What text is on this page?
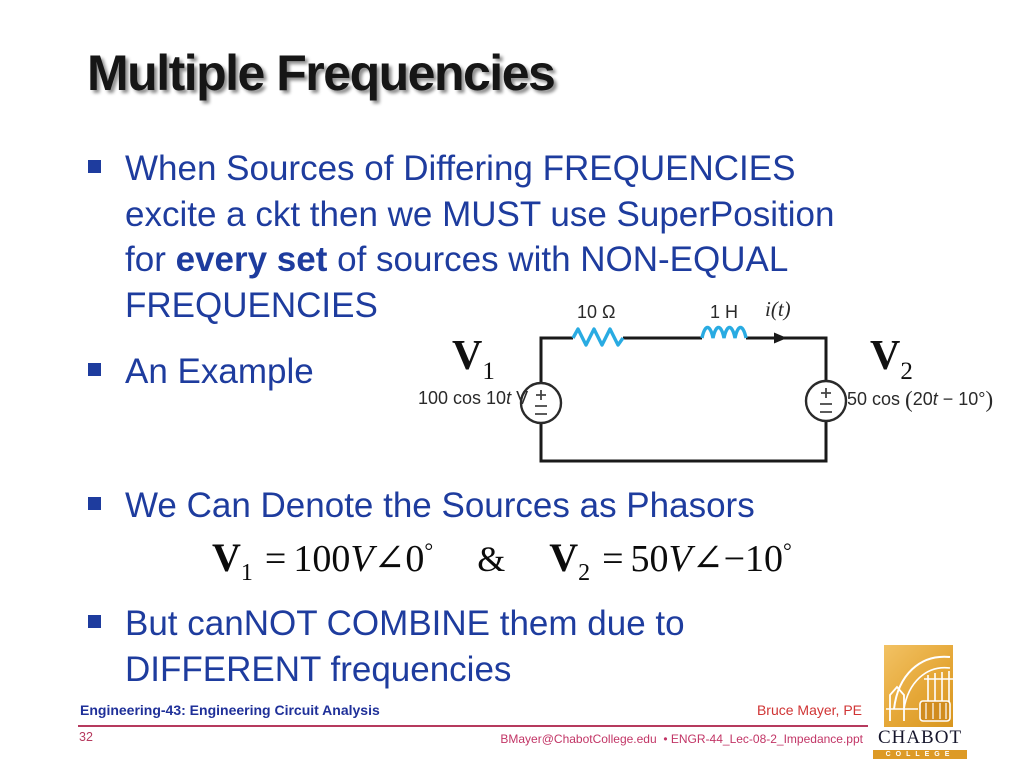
Multiple Frequencies
When Sources of Differing FREQUENCIES
excite a ckt then we MUST use SuperPosition
for every set of sources with NON-EQUAL
FREQUENCIES
An Example
We Can Denote the Sources as Phasors
But canNOT COMBINE them due to
DIFFERENT frequencies
10 Ω	1 H i(t)
$V_1$	$V_2$
100 cos 10t V	50 cos (20t − 10°)
$V_1$ = 100V∠0° & $V_2$ = 50V∠−10°
Engineering-43: Engineering Circuit Analysis	Bruce Mayer, PE
32	BMayer@ChabotCollege.edu • ENGR-44_Lec-08-2_Impedance.ppt CHABOT
COLLEGE
